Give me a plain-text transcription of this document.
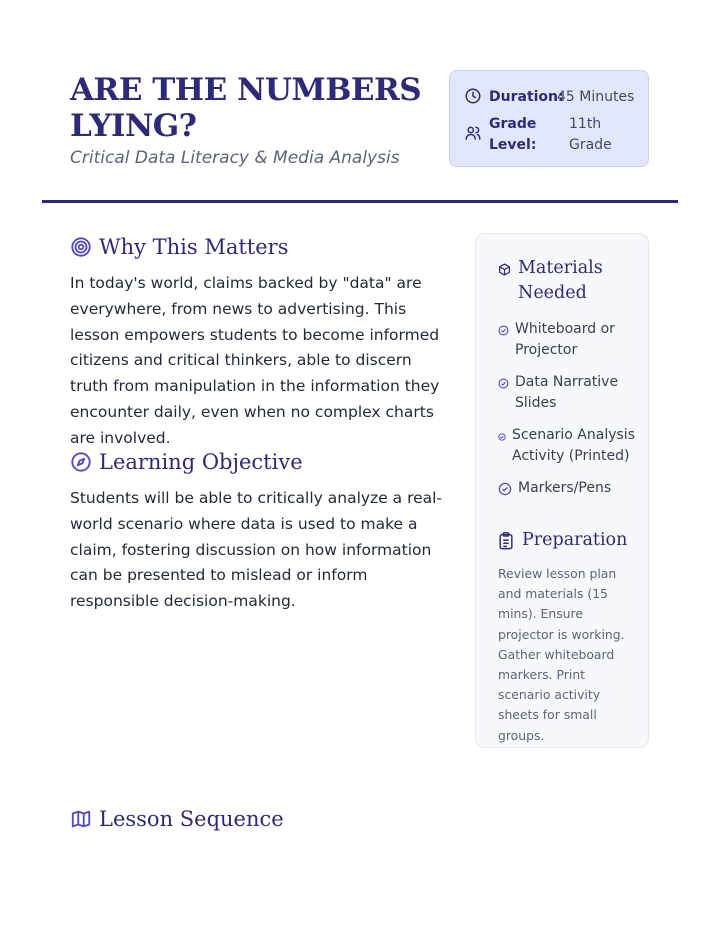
ARE THE NUMBERS LYING?

Critical Data Literacy & Media Analysis

Duration:
45 Minutes
Grade Level:
11th Grade
Why This Matters

In today's world, claims backed by "data" are everywhere, from news to advertising. This lesson empowers students to become informed citizens and critical thinkers, able to discern truth from manipulation in the information they encounter daily, even when no complex charts are involved.

Learning Objective

Students will be able to critically analyze a real-world scenario where data is used to make a claim, fostering discussion on how information can be presented to mislead or inform responsible decision-making.

Lesson Sequence
Materials Needed
Whiteboard or Projector
Data Narrative Slides
Scenario Analysis Activity (Printed)
Markers/Pens
Preparation

Review lesson plan and materials (15 mins). Ensure projector is working. Gather whiteboard markers. Print scenario activity sheets for small groups.
